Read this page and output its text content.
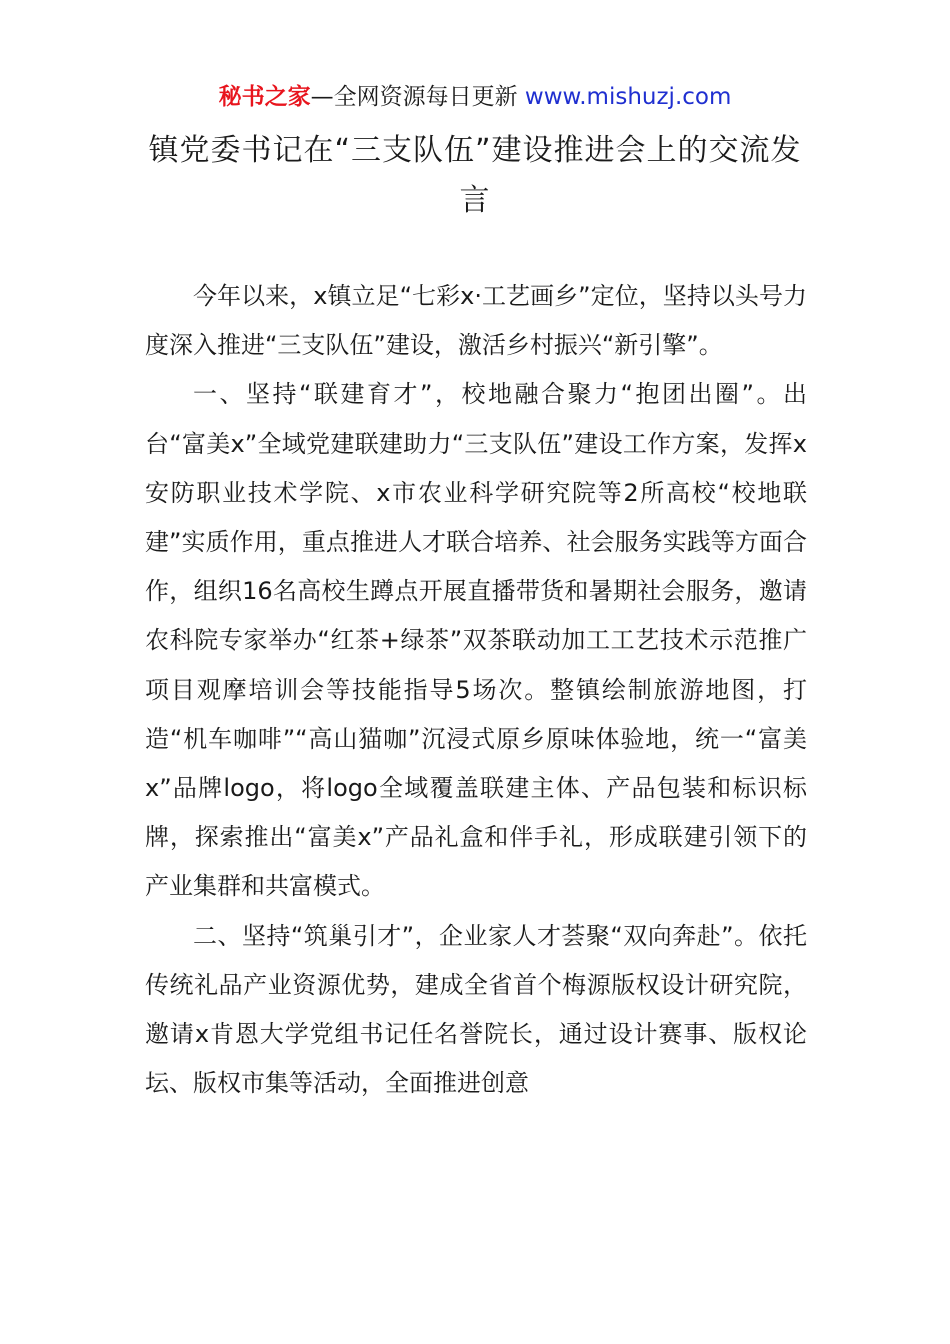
秘书之家—全网资源每日更新 www.mishuzj.com
镇党委书记在“三支队伍”建设推进会上的交流发言

今年以来，x镇立足“七彩x·工艺画乡”定位，坚持以头号力度深入推进“三支队伍”建设，激活乡村振兴“新引擎”。

一、坚持“联建育才”，校地融合聚力“抱团出圈”。出台“富美x”全域党建联建助力“三支队伍”建设工作方案，发挥x安防职业技术学院、x市农业科学研究院等2所高校“校地联建”实质作用，重点推进人才联合培养、社会服务实践等方面合作，组织16名高校生蹲点开展直播带货和暑期社会服务，邀请农科院专家举办“红茶+绿茶”双茶联动加工工艺技术示范推广项目观摩培训会等技能指导5场次。整镇绘制旅游地图，打造“机车咖啡”“高山猫咖”沉浸式原乡原味体验地，统一“富美x”品牌logo，将logo全域覆盖联建主体、产品包装和标识标牌，探索推出“富美x”产品礼盒和伴手礼，形成联建引领下的产业集群和共富模式。

二、坚持“筑巢引才”，企业家人才荟聚“双向奔赴”。依托传统礼品产业资源优势，建成全省首个梅源版权设计研究院，邀请x肯恩大学党组书记任名誉院长，通过设计赛事、版权论坛、版权市集等活动，全面推进创意
